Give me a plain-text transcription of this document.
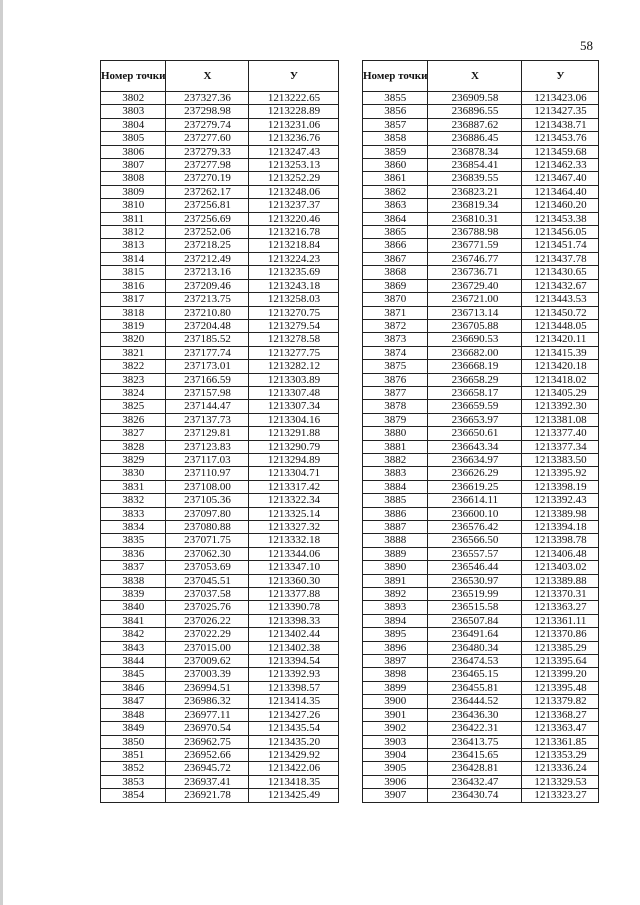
58
Номер точки	X	У
3802	237327.36	1213222.65
3803	237298.98	1213228.89
3804	237279.74	1213231.06
3805	237277.60	1213236.76
3806	237279.33	1213247.43
3807	237277.98	1213253.13
3808	237270.19	1213252.29
3809	237262.17	1213248.06
3810	237256.81	1213237.37
3811	237256.69	1213220.46
3812	237252.06	1213216.78
3813	237218.25	1213218.84
3814	237212.49	1213224.23
3815	237213.16	1213235.69
3816	237209.46	1213243.18
3817	237213.75	1213258.03
3818	237210.80	1213270.75
3819	237204.48	1213279.54
3820	237185.52	1213278.58
3821	237177.74	1213277.75
3822	237173.01	1213282.12
3823	237166.59	1213303.89
3824	237157.98	1213307.48
3825	237144.47	1213307.34
3826	237137.73	1213304.16
3827	237129.81	1213291.88
3828	237123.83	1213290.79
3829	237117.03	1213294.89
3830	237110.97	1213304.71
3831	237108.00	1213317.42
3832	237105.36	1213322.34
3833	237097.80	1213325.14
3834	237080.88	1213327.32
3835	237071.75	1213332.18
3836	237062.30	1213344.06
3837	237053.69	1213347.10
3838	237045.51	1213360.30
3839	237037.58	1213377.88
3840	237025.76	1213390.78
3841	237026.22	1213398.33
3842	237022.29	1213402.44
3843	237015.00	1213402.38
3844	237009.62	1213394.54
3845	237003.39	1213392.93
3846	236994.51	1213398.57
3847	236986.32	1213414.35
3848	236977.11	1213427.26
3849	236970.54	1213435.54
3850	236962.75	1213435.20
3851	236952.66	1213429.92
3852	236945.72	1213422.06
3853	236937.41	1213418.35
3854	236921.78	1213425.49
Номер точки	X	У
3855	236909.58	1213423.06
3856	236896.55	1213427.35
3857	236887.62	1213438.71
3858	236886.45	1213453.76
3859	236878.34	1213459.68
3860	236854.41	1213462.33
3861	236839.55	1213467.40
3862	236823.21	1213464.40
3863	236819.34	1213460.20
3864	236810.31	1213453.38
3865	236788.98	1213456.05
3866	236771.59	1213451.74
3867	236746.77	1213437.78
3868	236736.71	1213430.65
3869	236729.40	1213432.67
3870	236721.00	1213443.53
3871	236713.14	1213450.72
3872	236705.88	1213448.05
3873	236690.53	1213420.11
3874	236682.00	1213415.39
3875	236668.19	1213420.18
3876	236658.29	1213418.02
3877	236658.17	1213405.29
3878	236659.59	1213392.30
3879	236653.97	1213381.08
3880	236650.61	1213377.40
3881	236643.34	1213377.34
3882	236634.97	1213383.50
3883	236626.29	1213395.92
3884	236619.25	1213398.19
3885	236614.11	1213392.43
3886	236600.10	1213389.98
3887	236576.42	1213394.18
3888	236566.50	1213398.78
3889	236557.57	1213406.48
3890	236546.44	1213403.02
3891	236530.97	1213389.88
3892	236519.99	1213370.31
3893	236515.58	1213363.27
3894	236507.84	1213361.11
3895	236491.64	1213370.86
3896	236480.34	1213385.29
3897	236474.53	1213395.64
3898	236465.15	1213399.20
3899	236455.81	1213395.48
3900	236444.52	1213379.82
3901	236436.30	1213368.27
3902	236422.31	1213363.47
3903	236413.75	1213361.85
3904	236415.65	1213353.29
3905	236428.81	1213336.24
3906	236432.47	1213329.53
3907	236430.74	1213323.27
